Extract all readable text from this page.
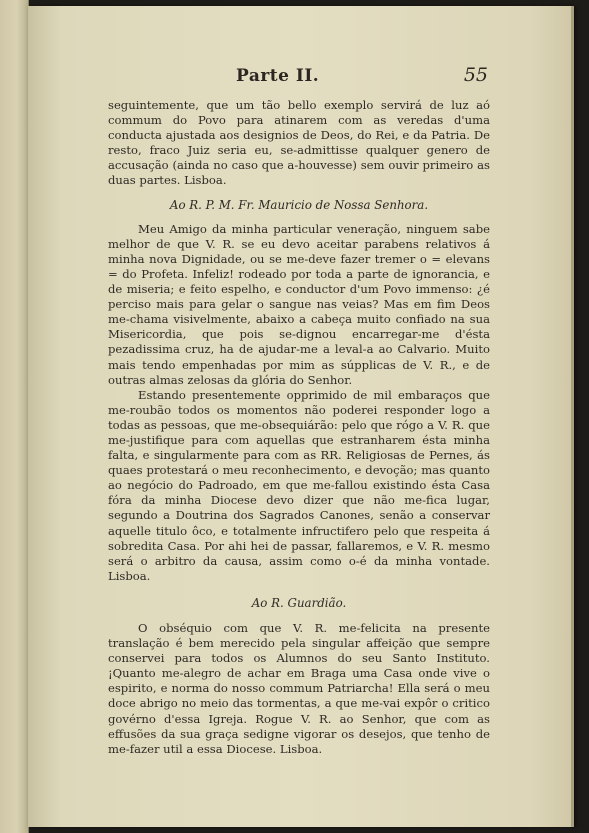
Parte II.	55

seguintemente, que um tão bello exemplo servirá de luz aó commum do Povo para atinarem com as veredas d'uma conducta ajustada aos designios de Deos, do Rei, e da Patria. De resto, fraco Juiz seria eu, se-admittisse qualquer genero de accusação (ainda no caso que a-houvesse) sem ouvir primeiro as duas partes. Lisboa.

Ao R. P. M. Fr. Mauricio de Nossa Senhora.

Meu Amigo da minha particular veneração, ninguem sabe melhor de que V. R. se eu devo aceitar parabens relativos á minha nova Dignidade, ou se me-deve fazer tremer o = elevans = do Profeta. Infeliz! rodeado por toda a parte de ignorancia, e de miseria; e feito espelho, e conductor d'um Povo immenso: ¿é perciso mais para gelar o sangue nas veias? Mas em fim Deos me-chama visivelmente, abaixo a cabeça muito confiado na sua Misericordia, que pois se-dignou encarregar-me d'ésta pezadissima cruz, ha de ajudar-me a leval-a ao Calvario. Muito mais tendo empenhadas por mim as súpplicas de V. R., e de outras almas zelosas da glória do Senhor.

Estando presentemente opprimido de mil embaraços que me-roubão todos os momentos não poderei responder logo a todas as pessoas, que me-obsequiárão: pelo que rógo a V. R. que me-justifique para com aquellas que estranharem ésta minha falta, e singularmente para com as RR. Religiosas de Pernes, ás quaes protestará o meu reconhecimento, e devoção; mas quanto ao negócio do Padroado, em que me-fallou existindo ésta Casa fóra da minha Diocese devo dizer que não me-fica lugar, segundo a Doutrina dos Sagrados Canones, senão a conservar aquelle titulo ôco, e totalmente infructifero pelo que respeita á sobredita Casa. Por ahi hei de passar, fallaremos, e V. R. mesmo será o arbitro da causa, assim como o-é da minha vontade. Lisboa.

Ao R. Guardião.

O obséquio com que V. R. me-felicita na presente translação é bem merecido pela singular affeição que sempre conservei para todos os Alumnos do seu Santo Instituto. ¡Quanto me-alegro de achar em Braga uma Casa onde vive o espirito, e norma do nosso commum Patriarcha! Ella será o meu doce abrigo no meio das tormentas, a que me-vai expôr o critico govérno d'essa Igreja. Rogue V. R. ao Senhor, que com as effusões da sua graça sedigne vigorar os desejos, que tenho de me-fazer util a essa Diocese. Lisboa.
